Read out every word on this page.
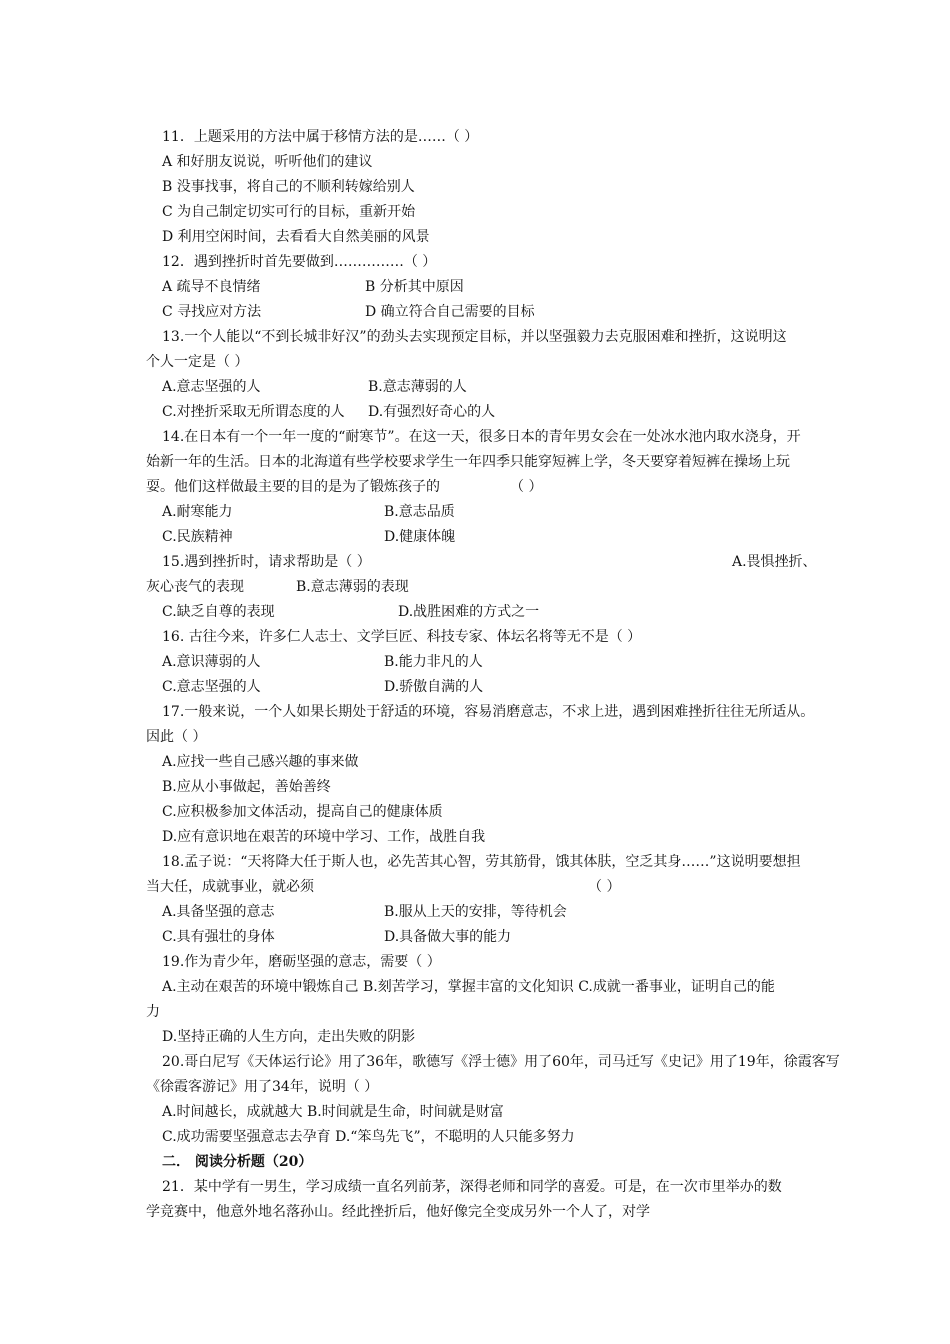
11．上题采用的方法中属于移情方法的是……（ ）
A 和好朋友说说，听听他们的建议
B 没事找事，将自己的不顺利转嫁给别人
C 为自己制定切实可行的目标，重新开始
D 利用空闲时间，去看看大自然美丽的风景
12．遇到挫折时首先要做到……………（ ）
A 疏导不良情绪	B 分析其中原因
C 寻找应对方法	D 确立符合自己需要的目标
13.一个人能以“不到长城非好汉”的劲头去实现预定目标，并以坚强毅力去克服困难和挫折，这说明这
个人一定是（ ）
A.意志坚强的人	B.意志薄弱的人
C.对挫折采取无所谓态度的人 D.有强烈好奇心的人
14.在日本有一个一年一度的“耐寒节”。在这一天，很多日本的青年男女会在一处冰水池内取水浇身，开
始新一年的生活。日本的北海道有些学校要求学生一年四季只能穿短裤上学，冬天要穿着短裤在操场上玩
耍。他们这样做最主要的目的是为了锻炼孩子的	（ ）
A.耐寒能力	B.意志品质
C.民族精神	D.健康体魄
15.遇到挫折时，请求帮助是（ ）	A.畏惧挫折、
灰心丧气的表现	B.意志薄弱的表现
C.缺乏自尊的表现	D.战胜困难的方式之一
16. 古往今来，许多仁人志士、文学巨匠、科技专家、体坛名将等无不是（ ）
A.意识薄弱的人	B.能力非凡的人
C.意志坚强的人	D.骄傲自满的人
17.一般来说，一个人如果长期处于舒适的环境，容易消磨意志，不求上进，遇到困难挫折往往无所适从。
因此（ ）
A.应找一些自己感兴趣的事来做
B.应从小事做起，善始善终
C.应积极参加文体活动，提高自己的健康体质
D.应有意识地在艰苦的环境中学习、工作，战胜自我
18.孟子说：“天将降大任于斯人也，必先苦其心智，劳其筋骨，饿其体肤，空乏其身……”这说明要想担
当大任，成就事业，就必须	（ ）
A.具备坚强的意志	B.服从上天的安排，等待机会
C.具有强壮的身体	D.具备做大事的能力
19.作为青少年，磨砺坚强的意志，需要（ ）
A.主动在艰苦的环境中锻炼自己 B.刻苦学习，掌握丰富的文化知识 C.成就一番事业，证明自己的能
力
D.坚持正确的人生方向，走出失败的阴影
20.哥白尼写《天体运行论》用了36年，歌德写《浮士德》用了60年，司马迁写《史记》用了19年，徐霞客写
《徐霞客游记》用了34年，说明（ ）
A.时间越长，成就越大 B.时间就是生命，时间就是财富
C.成功需要坚强意志去孕育 D.“笨鸟先飞”，不聪明的人只能多努力
二． 阅读分析题（20）
21．某中学有一男生，学习成绩一直名列前茅，深得老师和同学的喜爱。可是，在一次市里举办的数
学竞赛中，他意外地名落孙山。经此挫折后，他好像完全变成另外一个人了，对学
